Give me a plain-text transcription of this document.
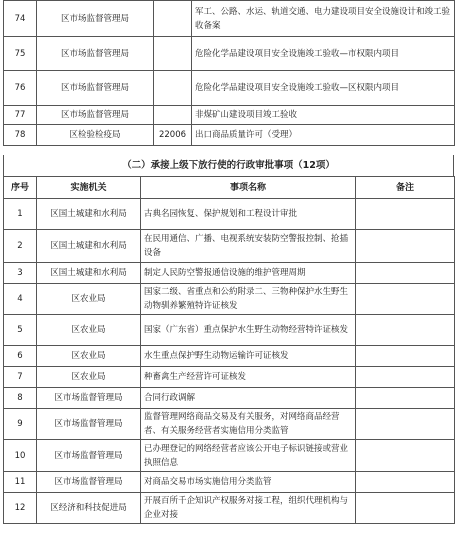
74	区市场监督管理局		军工、公路、水运、轨道交通、电力建设项目安全设施设计和竣工验收备案
75	区市场监督管理局		危险化学品建设项目安全设施竣工验收—市权限内项目
76	区市场监督管理局		危险化学品建设项目安全设施竣工验收—区权限内项目
77	区市场监督管理局		非煤矿山建设项目竣工验收
78	区检验检疫局	22006	出口商品质量许可（受理）
（二）承接上级下放行使的行政审批事项（12项）
序号	实施机关	事项名称	备注
1	区国土城建和水利局	古典名园恢复、保护规划和工程设计审批	
2	区国土城建和水利局	在民用通信、广播、电视系统安装防空警报控制、抢插设备	
3	区国土城建和水利局	制定人民防空警报通信设施的维护管理周期	
4	区农业局	国家二级、省重点和公約附录二、三物种保护水生野生动物驯养繁殖特许证核发	
5	区农业局	国家（广东省）重点保护水生野生动物经营特许证核发	
6	区农业局	水生重点保护野生动物运输许可证核发	
7	区农业局	种畜禽生产经营许可证核发	
8	区市场监督管理局	合同行政调解	
9	区市场监督管理局	监督管理网络商品交易及有关服务，对网络商品经营者、有关服务经营者实施信用分类监管	
10	区市场监督管理局	已办理登记的网络经营者应该公开电子标识链接或营业执照信息	
11	区市场监督管理局	对商品交易市场实施信用分类监管	
12	区经济和科技促进局	开展百所千企知识产权服务对接工程，组织代理机构与企业对接	
